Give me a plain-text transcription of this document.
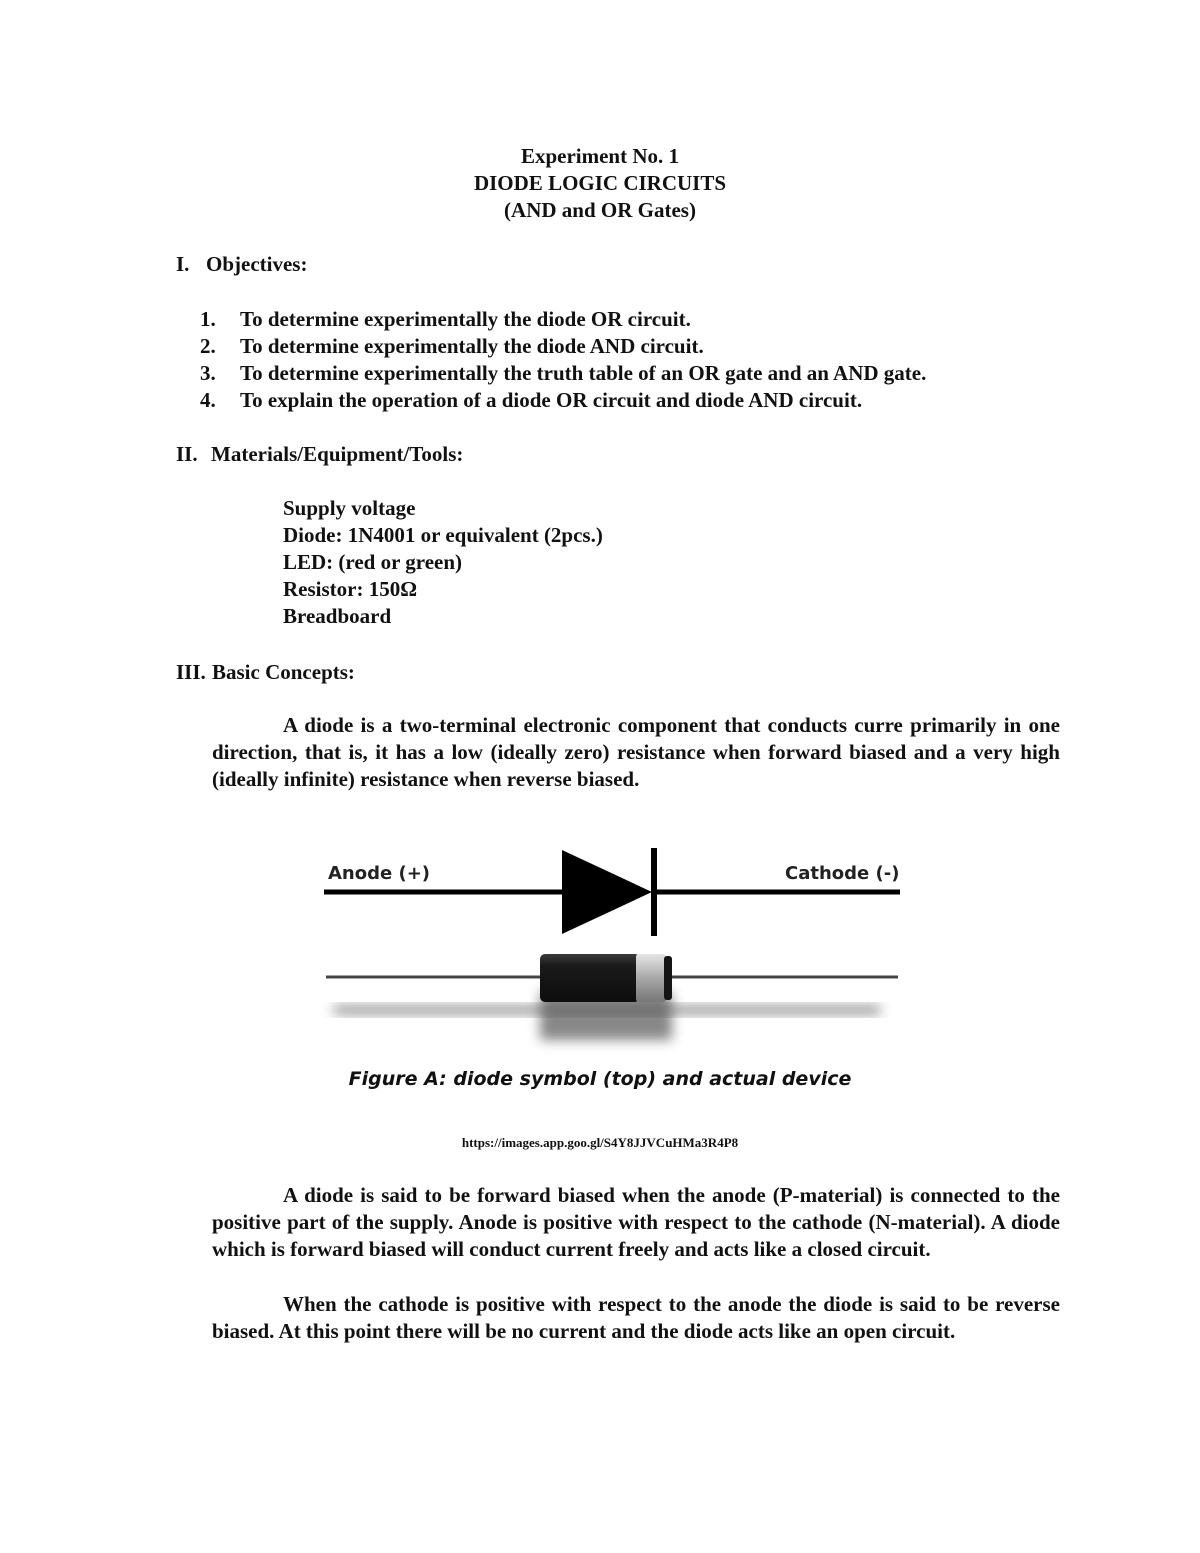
Experiment No. 1
DIODE LOGIC CIRCUITS
(AND and OR Gates)
I. Objectives:
1. To determine experimentally the diode OR circuit.
2. To determine experimentally the diode AND circuit.
3. To determine experimentally the truth table of an OR gate and an AND gate.
4. To explain the operation of a diode OR circuit and diode AND circuit.
II. Materials/Equipment/Tools:
Supply voltage
Diode: 1N4001 or equivalent (2pcs.)
LED: (red or green)
Resistor: 150Ω
Breadboard
III. Basic Concepts:
A diode is a two-terminal electronic component that conducts curre primarily in one direction, that is, it has a low (ideally zero) resistance when forward biased and a very high (ideally infinite) resistance when reverse biased.
Anode (+)	Cathode (-)
Figure A: diode symbol (top) and actual device
https://images.app.goo.gl/S4Y8JJVCuHMa3R4P8
A diode is said to be forward biased when the anode (P-material) is connected to the positive part of the supply. Anode is positive with respect to the cathode (N-material). A diode which is forward biased will conduct current freely and acts like a closed circuit.
When the cathode is positive with respect to the anode the diode is said to be reverse biased. At this point there will be no current and the diode acts like an open circuit.
